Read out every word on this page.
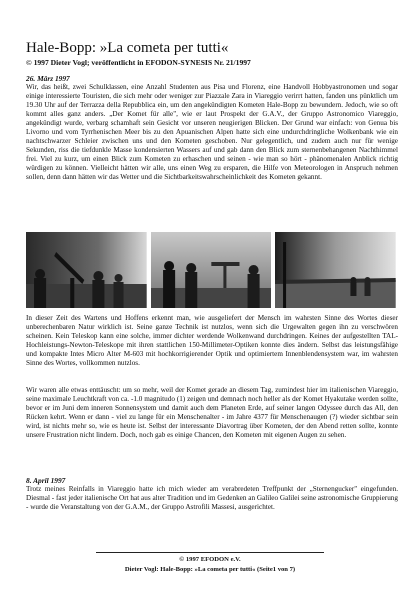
Hale-Bopp: »La cometa per tutti«
© 1997 Dieter Vogl; veröffentlicht in EFODON-SYNESIS Nr. 21/1997
26. März 1997
Wir, das heißt, zwei Schulklassen, eine Anzahl Studenten aus Pisa und Florenz, eine Handvoll Hobbyastronomen und sogar einige interessierte Touristen, die sich mehr oder weniger zur Piazzale Zara in Viareggio verirrt hatten, fanden uns pünktlich um 19.30 Uhr auf der Terrazza della Repubblica ein, um den angekündigten Kometen Hale-Bopp zu bewundern. Jedoch, wie so oft kommt alles ganz anders. „Der Komet für alle", wie er laut Prospekt der G.A.V., der Gruppo Astronomico Viareggio, angekündigt wurde, verbarg schamhaft sein Gesicht vor unseren neugierigen Blicken. Der Grund war einfach: von Genua bis Livorno und vom Tyrrhenischen Meer bis zu den Apuanischen Alpen hatte sich eine undurchdringliche Wolkenbank wie ein nachtschwarzer Schleier zwischen uns und den Kometen geschoben. Nur gelegentlich, und zudem auch nur für wenige Sekunden, riss die tiefdunkle Masse kondensierten Wassers auf und gab dann den Blick zum sternenbehangenen Nachthimmel frei. Viel zu kurz, um einen Blick zum Kometen zu erhaschen und seinen - wie man so hört - phänomenalen Anblick richtig würdigen zu können. Vielleicht hätten wir alle, uns einen Weg zu ersparen, die Hilfe von Meteorologen in Anspruch nehmen sollen, denn dann hätten wir das Wetter und die Sichtbarkeitswahrscheinlichkeit des Kometen gekannt.
In dieser Zeit des Wartens und Hoffens erkennt man, wie ausgeliefert der Mensch im wahrsten Sinne des Wortes dieser unberechenbaren Natur wirklich ist. Seine ganze Technik ist nutzlos, wenn sich die Urgewalten gegen ihn zu verschwören scheinen. Kein Teleskop kann eine solche, immer dichter werdende Wolkenwand durchdringen. Keines der aufgestellten TAL-Hochleistungs-Newton-Teleskope mit ihren stattlichen 150-Millimeter-Optiken konnte dies ändern. Selbst das leistungsfähige und kompakte Intes Micro Alter M-603 mit hochkorrigierender Optik und optimiertem Innenblendensystem war, im wahrsten Sinne des Wortes, vollkommen nutzlos.
Wir waren alle etwas enttäuscht: um so mehr, weil der Komet gerade an diesem Tag, zumindest hier im italienischen Viareggio, seine maximale Leuchtkraft von ca. -1.0 magnitudo (1) zeigen und demnach noch heller als der Komet Hyakutake werden sollte, bevor er im Juni dem inneren Sonnensystem und damit auch dem Planeten Erde, auf seiner langen Odyssee durch das All, den Rücken kehrt. Wenn er dann - viel zu lange für ein Menschenalter - im Jahre 4377 für Menschenaugen (?) wieder sichtbar sein wird, ist nichts mehr so, wie es heute ist. Selbst der interessante Diavortrag über Kometen, der den Abend retten sollte, konnte unsere Frustration nicht lindern. Doch, noch gab es einige Chancen, den Kometen mit eigenen Augen zu sehen.
8. April 1997
Trotz meines Reinfalls in Viareggio hatte ich mich wieder am verabredeten Treffpunkt der „Sternengucker" eingefunden. Diesmal - fast jeder italienische Ort hat aus alter Tradition und im Gedenken an Galileo Galilei seine astronomische Gruppierung - wurde die Veranstaltung von der G.A.M., der Gruppo Astrofili Massesi, ausgerichtet.
© 1997 EFODON e.V.
Dieter Vogl: Hale-Bopp: »La cometa per tutti« (Seite1 von 7)
